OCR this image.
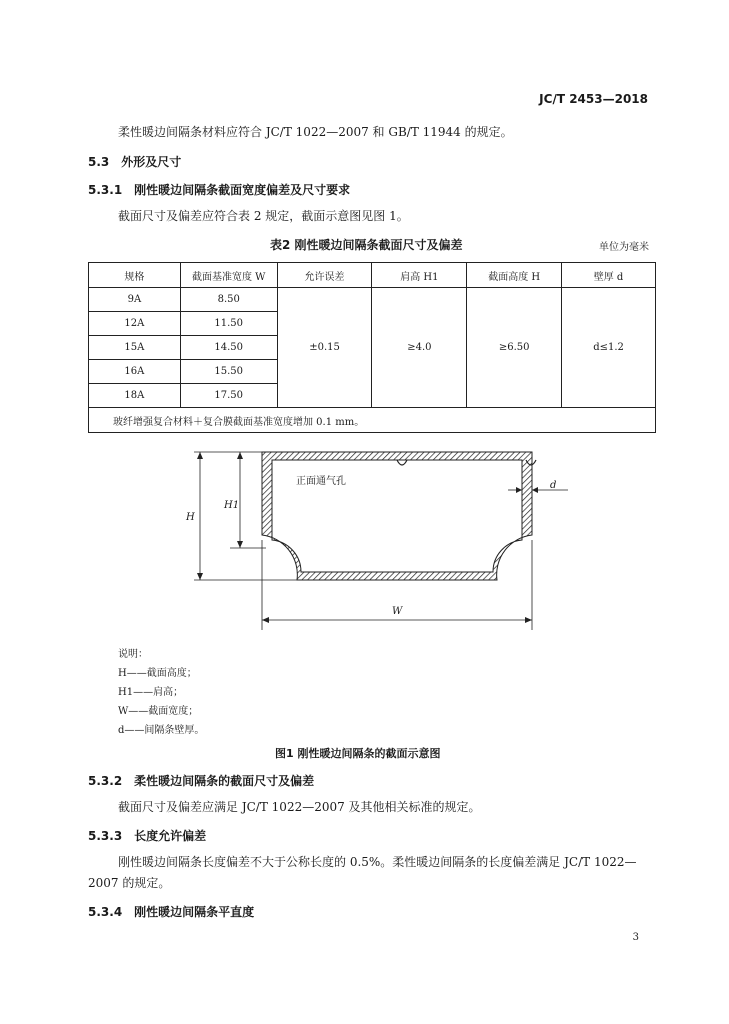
JC/T 2453—2018
柔性暖边间隔条材料应符合 JC/T 1022—2007 和 GB/T 11944 的规定。
5.3 外形及尺寸
5.3.1 刚性暖边间隔条截面宽度偏差及尺寸要求
截面尺寸及偏差应符合表 2 规定，截面示意图见图 1。
表2 刚性暖边间隔条截面尺寸及偏差	单位为毫米
规格	截面基准宽度 W	允许误差	肩高 H1	截面高度 H	壁厚 d
9A	8.50	±0.15	≥4.0	≥6.50	d≤1.2
12A	11.50				
15A	14.50				
16A	15.50				
18A	17.50				
玻纤增强复合材料＋复合膜截面基准宽度增加 0.1 mm。					
正面通气孔
H
H1
W
d
说明：
H——截面高度；
H1——肩高；
W——截面宽度；
d——间隔条壁厚。
图1 刚性暖边间隔条的截面示意图
5.3.2 柔性暖边间隔条的截面尺寸及偏差
截面尺寸及偏差应满足 JC/T 1022—2007 及其他相关标准的规定。
5.3.3 长度允许偏差
刚性暖边间隔条长度偏差不大于公称长度的 0.5%。柔性暖边间隔条的长度偏差满足 JC/T 1022—
2007 的规定。
5.3.4 刚性暖边间隔条平直度
3
